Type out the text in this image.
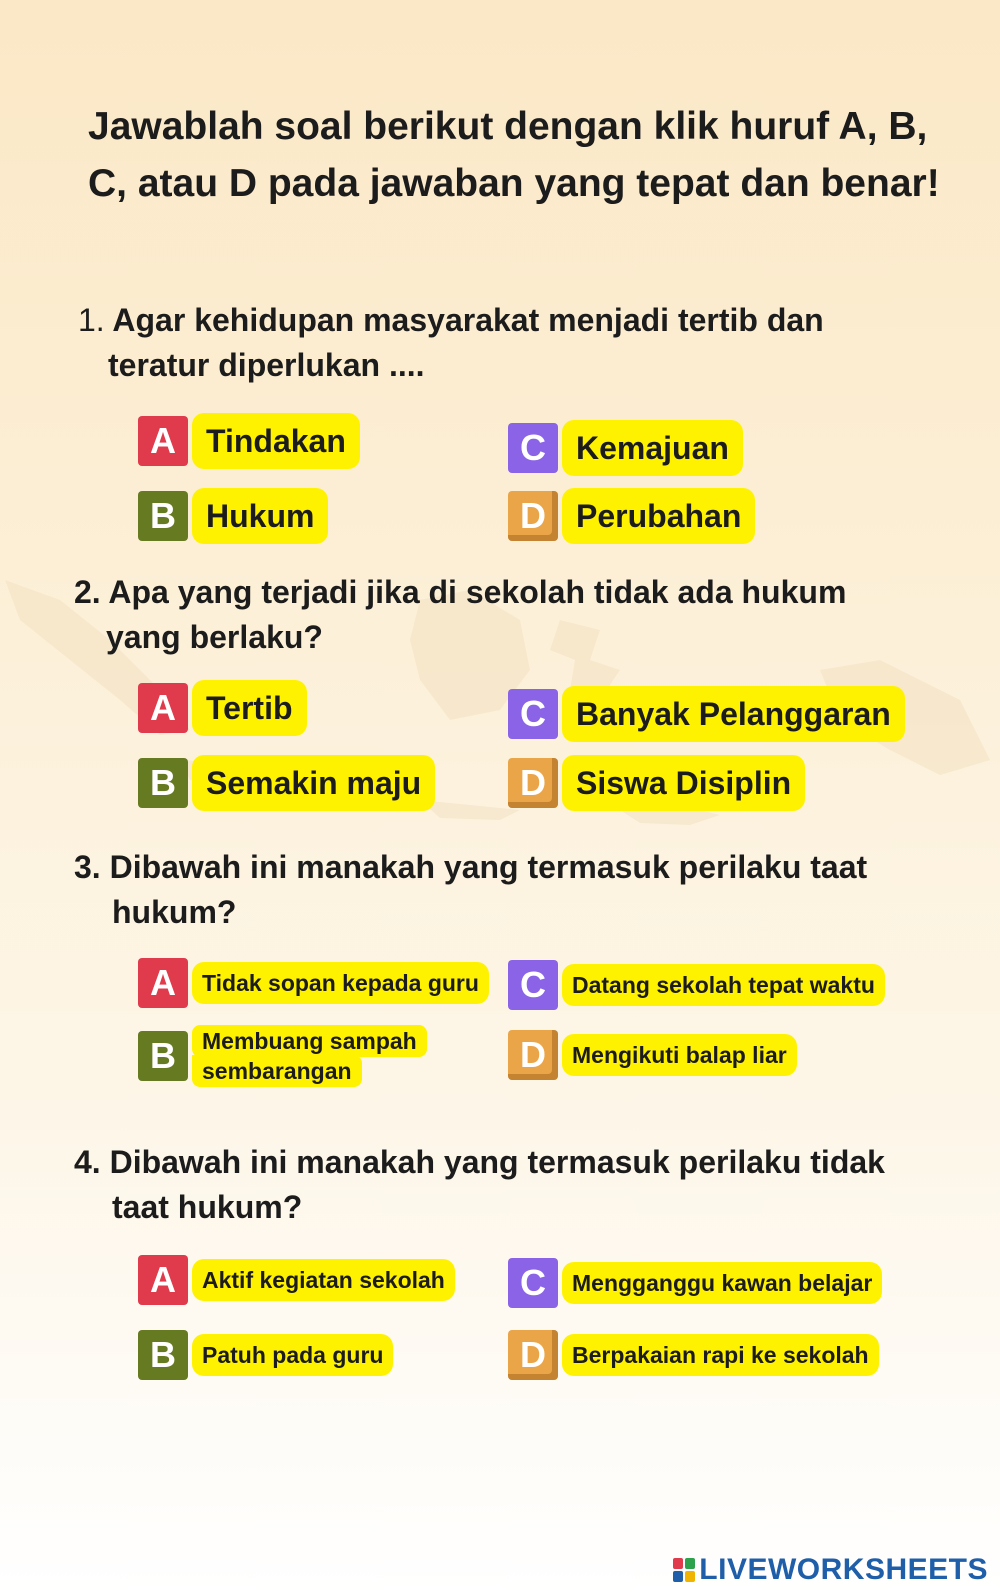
Jawablah soal berikut dengan klik huruf A, B, C, atau D pada jawaban yang tepat dan benar!

1. Agar kehidupan masyarakat menjadi tertib dan
teratur diperlukan ....

A Tindakan
B Hukum
C Kemajuan
D Perubahan

2. Apa yang terjadi jika di sekolah tidak ada hukum
yang berlaku?

A Tertib
B Semakin maju
C Banyak Pelanggaran
D Siswa Disiplin

3. Dibawah ini manakah yang termasuk perilaku taat
hukum?

A	Tidak sopan kepada guru
B	Membuang sampah
sembarangan
C	Datang sekolah tepat waktu
D	Mengikuti balap liar

4. Dibawah ini manakah yang termasuk perilaku tidak
taat hukum?

A	Aktif kegiatan sekolah
B	Patuh pada guru
C	Mengganggu kawan belajar
D	Berpakaian rapi ke sekolah
LIVEWORKSHEETS
